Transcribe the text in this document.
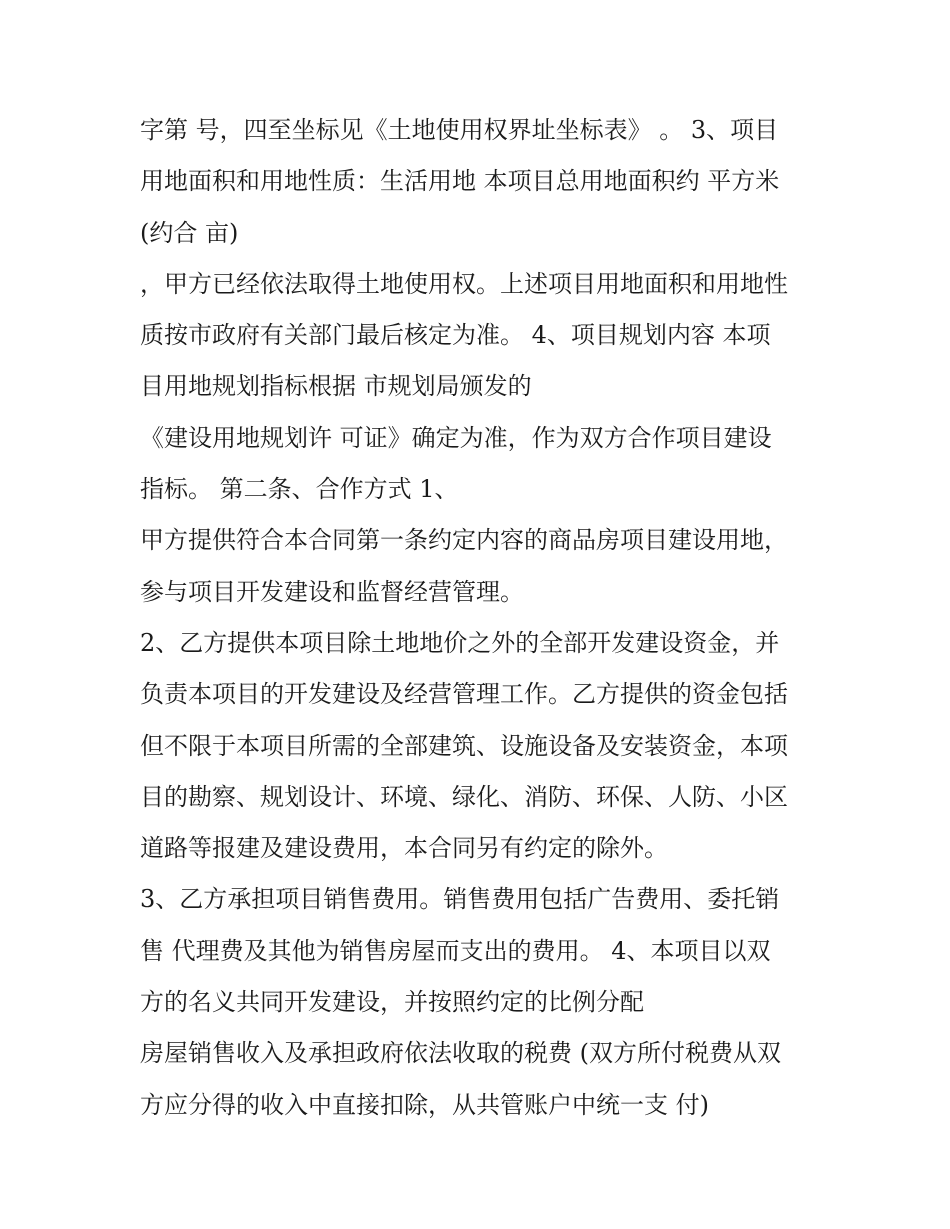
字第 号，四至坐标见《土地使用权界址坐标表》 。 3、项目

用地面积和用地性质：生活用地 本项目总用地面积约 平方米

(约合 亩)

，甲方已经依法取得土地使用权。上述项目用地面积和用地性

质按市政府有关部门最后核定为准。 4、项目规划内容 本项

目用地规划指标根据 市规划局颁发的

《建设用地规划许 可证》确定为准，作为双方合作项目建设

指标。 第二条、合作方式 1、

甲方提供符合本合同第一条约定内容的商品房项目建设用地，

参与项目开发建设和监督经营管理。

2、乙方提供本项目除土地地价之外的全部开发建设资金，并

负责本项目的开发建设及经营管理工作。乙方提供的资金包括

但不限于本项目所需的全部建筑、设施设备及安装资金，本项

目的勘察、规划设计、环境、绿化、消防、环保、人防、小区

道路等报建及建设费用，本合同另有约定的除外。

3、乙方承担项目销售费用。销售费用包括广告费用、委托销

售 代理费及其他为销售房屋而支出的费用。 4、本项目以双

方的名义共同开发建设，并按照约定的比例分配

房屋销售收入及承担政府依法收取的税费 (双方所付税费从双

方应分得的收入中直接扣除，从共管账户中统一支 付)
